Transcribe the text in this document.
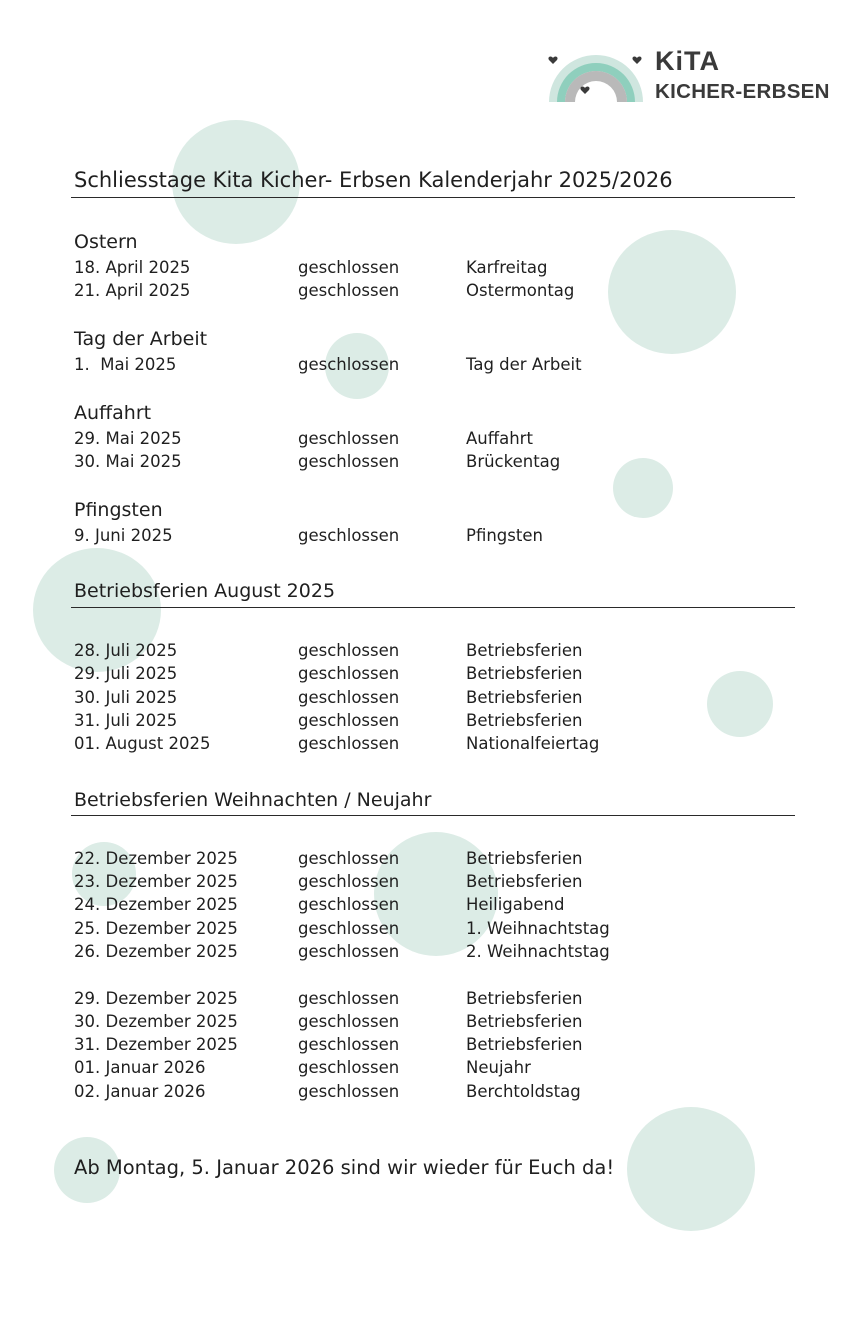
KiTA
KICHER-ERBSEN
Schliesstage Kita Kicher- Erbsen Kalenderjahr 2025/2026
Ostern
18. April 2025	geschlossen	Karfreitag
21. April 2025	geschlossen	Ostermontag
Tag der Arbeit
1.  Mai 2025	geschlossen	Tag der Arbeit
Auffahrt
29. Mai 2025	geschlossen	Auffahrt
30. Mai 2025	geschlossen	Brückentag
Pfingsten
9. Juni 2025	geschlossen	Pfingsten
Betriebsferien August 2025
28. Juli 2025	geschlossen	Betriebsferien
29. Juli 2025	geschlossen	Betriebsferien
30. Juli 2025	geschlossen	Betriebsferien
31. Juli 2025	geschlossen	Betriebsferien
01. August 2025	geschlossen	Nationalfeiertag
Betriebsferien Weihnachten / Neujahr
22. Dezember 2025	geschlossen	Betriebsferien
23. Dezember 2025	geschlossen	Betriebsferien
24. Dezember 2025	geschlossen	Heiligabend
25. Dezember 2025	geschlossen	1. Weihnachtstag
26. Dezember 2025	geschlossen	2. Weihnachtstag
29. Dezember 2025	geschlossen	Betriebsferien
30. Dezember 2025	geschlossen	Betriebsferien
31. Dezember 2025	geschlossen	Betriebsferien
01. Januar 2026	geschlossen	Neujahr
02. Januar 2026	geschlossen	Berchtoldstag
Ab Montag, 5. Januar 2026 sind wir wieder für Euch da!
